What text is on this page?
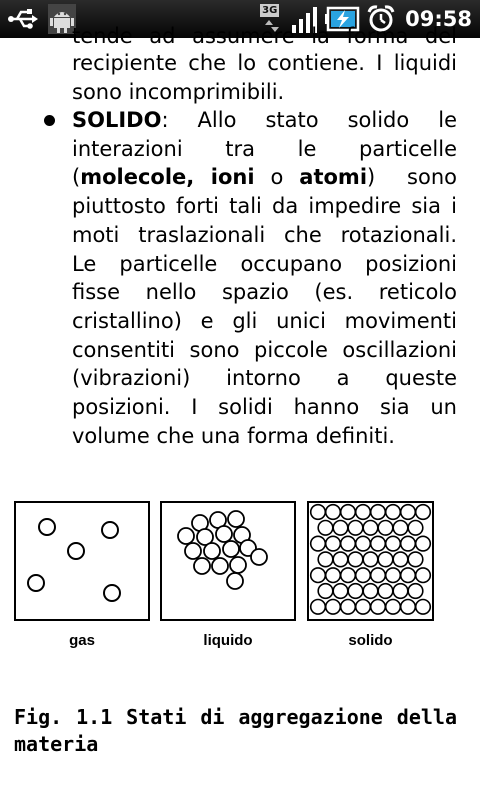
3G	09:58
tende ad assumere la forma del
recipiente che lo contiene. I liquidi
sono incomprimibili.
SOLIDO:  Allo  stato  solido  le
interazioni    tra    le    particelle
(molecole, ioni o atomi)  sono
piuttosto forti tali da impedire sia i
moti traslazionali che rotazionali.
Le particelle occupano posizioni
fisse nello spazio (es. reticolo
cristallino) e gli unici movimenti
consentiti sono piccole oscillazioni
(vibrazioni)  intorno  a  queste
posizioni. I solidi hanno sia un
volume che una forma definiti.
gas	liquido	solido
Fig. 1.1 Stati di aggregazione della
materia
